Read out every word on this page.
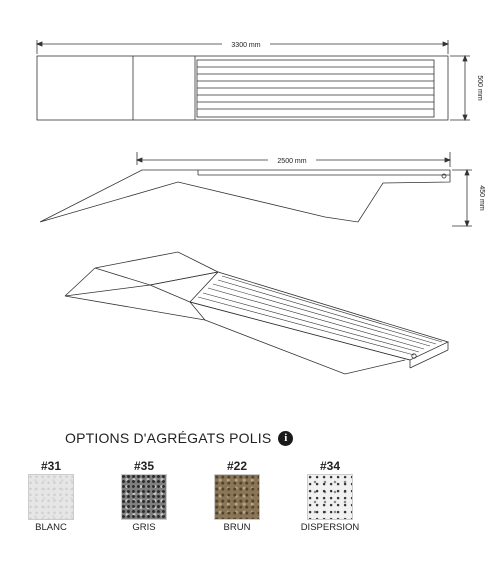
3300 mm
500 mm
2500 mm
450 mm
OPTIONS D'AGRÉGATS POLIS	i
#31
BLANC
#35
GRIS
#22
BRUN
#34
DISPERSION
